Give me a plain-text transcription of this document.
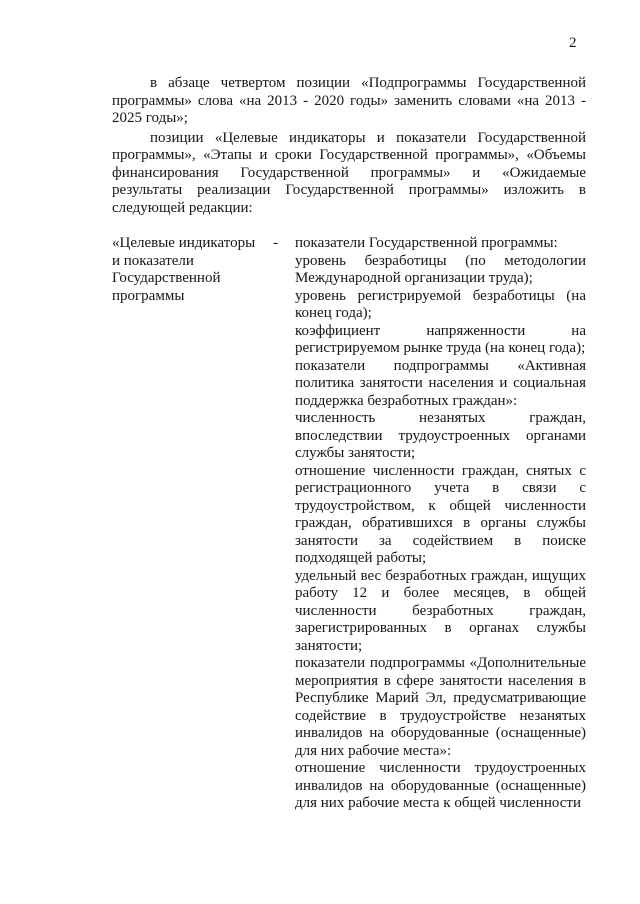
2

в абзаце четвертом позиции «Подпрограммы Государственной программы» слова «на 2013 - 2020 годы» заменить словами «на 2013 - 2025 годы»;

позиции «Целевые индикаторы и показатели Государственной программы», «Этапы и сроки Государственной программы», «Объемы финансирования Государственной программы» и «Ожидаемые результаты реализации Государственной программы» изложить в следующей редакции:

«Целевые индикаторы
и показатели
Государственной
программы
- показатели Государственной программы:

уровень безработицы (по методологии Международной организации труда);

уровень регистрируемой безработицы (на конец года);

коэффициент напряженности на регистрируемом рынке труда (на конец года);

показатели подпрограммы «Активная политика занятости населения и социальная поддержка безработных граждан»:

численность незанятых граждан, впоследствии трудоустроенных органами службы занятости;

отношение численности граждан, снятых с регистрационного учета в связи с трудоустройством, к общей численности граждан, обратившихся в органы службы занятости за содействием в поиске подходящей работы;

удельный вес безработных граждан, ищущих работу 12 и более месяцев, в общей численности безработных граждан, зарегистрированных в органах службы занятости;

показатели подпрограммы «Дополнительные мероприятия в сфере занятости населения в Республике Марий Эл, предусматривающие содействие в трудоустройстве незанятых инвалидов на оборудованные (оснащенные) для них рабочие места»:

отношение численности трудоустроенных инвалидов на оборудованные (оснащенные) для них рабочие места к общей численности
